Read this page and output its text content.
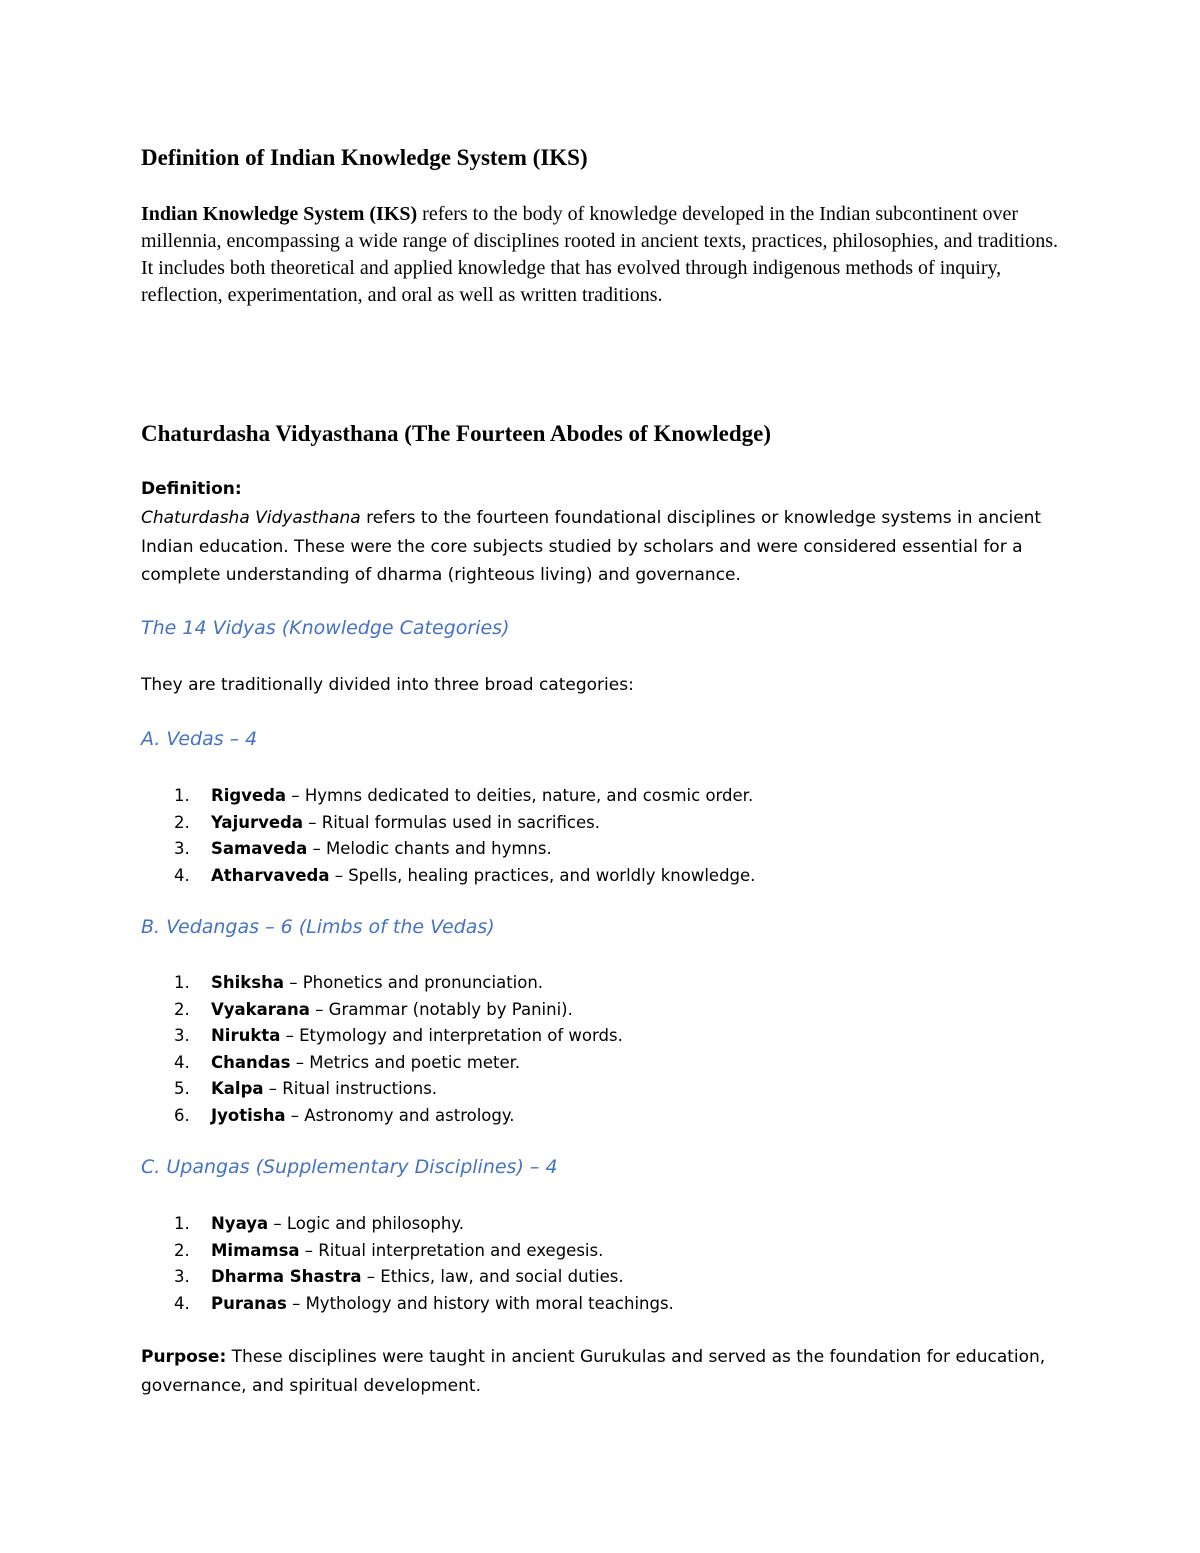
Definition of Indian Knowledge System (IKS)

Indian Knowledge System (IKS) refers to the body of knowledge developed in the Indian subcontinent over millennia, encompassing a wide range of disciplines rooted in ancient texts, practices, philosophies, and traditions. It includes both theoretical and applied knowledge that has evolved through indigenous methods of inquiry, reflection, experimentation, and oral as well as written traditions.

Chaturdasha Vidyasthana (The Fourteen Abodes of Knowledge)

Definition:

Chaturdasha Vidyasthana refers to the fourteen foundational disciplines or knowledge systems in ancient Indian education. These were the core subjects studied by scholars and were considered essential for a complete understanding of dharma (righteous living) and governance.

The 14 Vidyas (Knowledge Categories)

They are traditionally divided into three broad categories:

A. Vedas – 4
1. Rigveda – Hymns dedicated to deities, nature, and cosmic order.
2. Yajurveda – Ritual formulas used in sacrifices.
3. Samaveda – Melodic chants and hymns.
4. Atharvaveda – Spells, healing practices, and worldly knowledge.
B. Vedangas – 6 (Limbs of the Vedas)
1. Shiksha – Phonetics and pronunciation.
2. Vyakarana – Grammar (notably by Panini).
3. Nirukta – Etymology and interpretation of words.
4. Chandas – Metrics and poetic meter.
5. Kalpa – Ritual instructions.
6. Jyotisha – Astronomy and astrology.
C. Upangas (Supplementary Disciplines) – 4
1. Nyaya – Logic and philosophy.
2. Mimamsa – Ritual interpretation and exegesis.
3. Dharma Shastra – Ethics, law, and social duties.
4. Puranas – Mythology and history with moral teachings.

Purpose: These disciplines were taught in ancient Gurukulas and served as the foundation for education, governance, and spiritual development.
